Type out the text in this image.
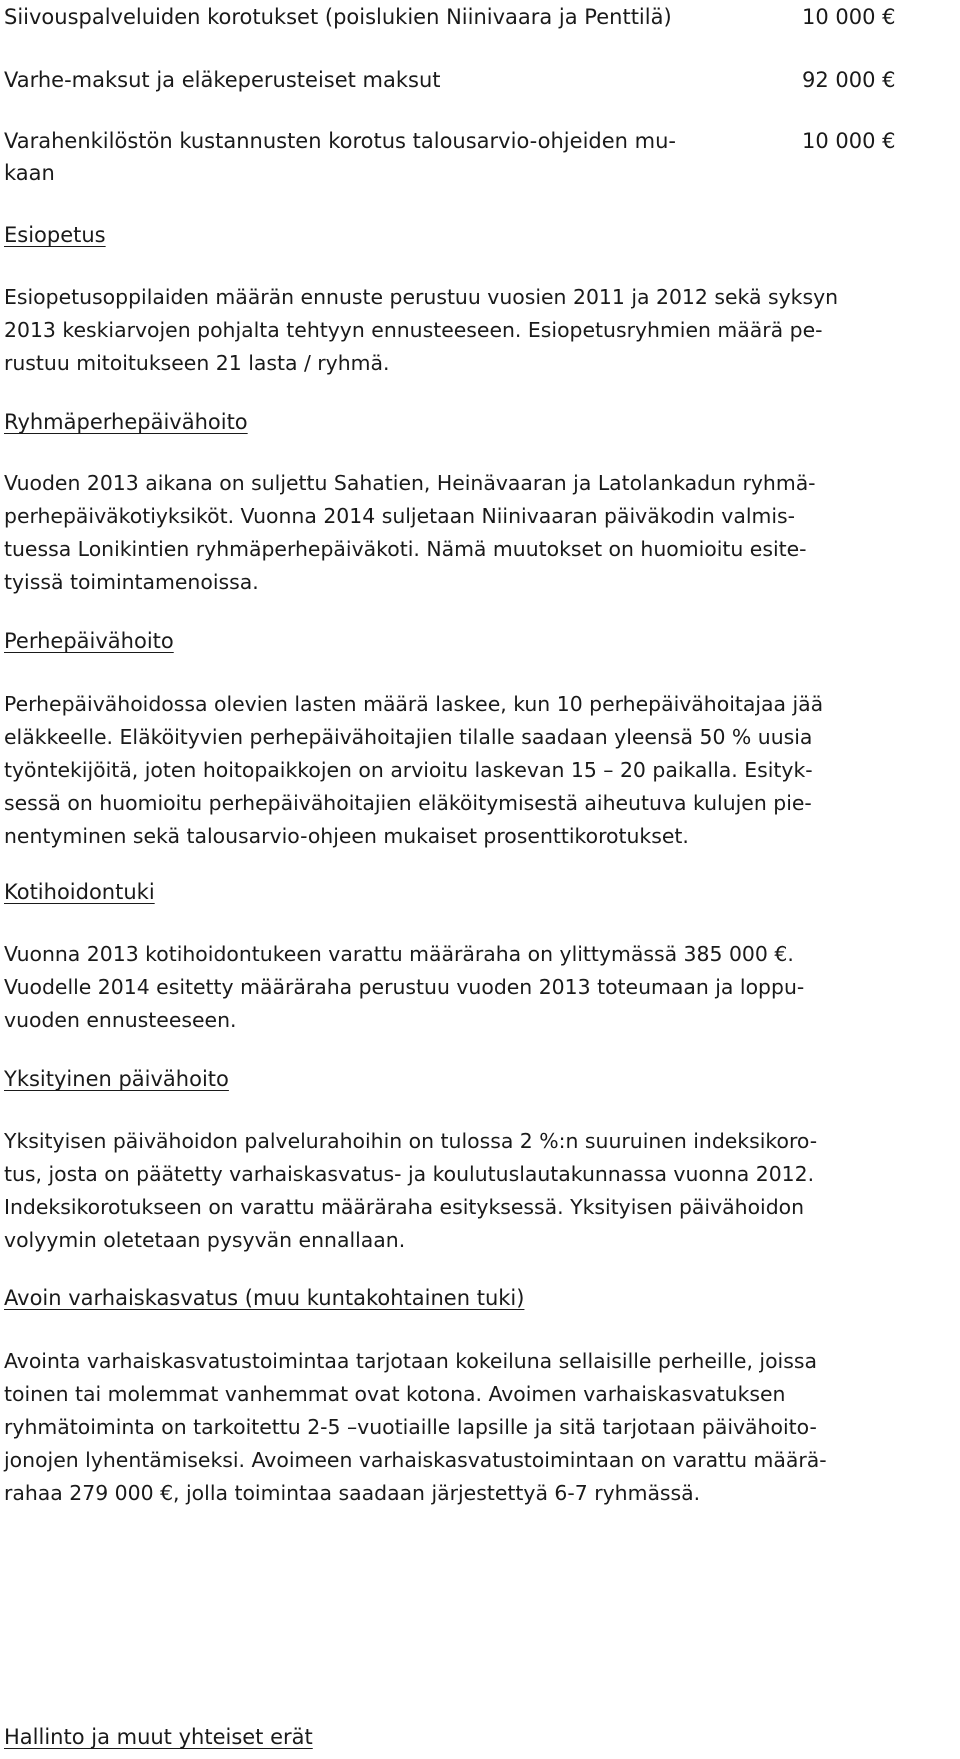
Siivouspalveluiden korotukset (poislukien Niinivaara ja Penttilä)	10 000 €
Varhe-maksut ja eläkeperusteiset maksut	92 000 €
Varahenkilöstön kustannusten korotus talousarvio-ohjeiden mu-
kaan
10 000 €
Esiopetus
Esiopetusoppilaiden määrän ennuste perustuu vuosien 2011 ja 2012 sekä syksyn
2013 keskiarvojen pohjalta tehtyyn ennusteeseen. Esiopetusryhmien määrä pe-
rustuu mitoitukseen 21 lasta / ryhmä.
Ryhmäperhepäivähoito
Vuoden 2013 aikana on suljettu Sahatien, Heinävaaran ja Latolankadun ryhmä-
perhepäiväkotiyksiköt. Vuonna 2014 suljetaan Niinivaaran päiväkodin valmis-
tuessa Lonikintien ryhmäperhepäiväkoti. Nämä muutokset on huomioitu esite-
tyissä toimintamenoissa.
Perhepäivähoito
Perhepäivähoidossa olevien lasten määrä laskee, kun 10 perhepäivähoitajaa jää
eläkkeelle. Eläköityvien perhepäivähoitajien tilalle saadaan yleensä 50 % uusia
työntekijöitä, joten hoitopaikkojen on arvioitu laskevan 15 – 20 paikalla. Esityk-
sessä on huomioitu perhepäivähoitajien eläköitymisestä aiheutuva kulujen pie-
nentyminen sekä talousarvio-ohjeen mukaiset prosenttikorotukset.
Kotihoidontuki
Vuonna 2013 kotihoidontukeen varattu määräraha on ylittymässä 385 000 €.
Vuodelle 2014 esitetty määräraha perustuu vuoden 2013 toteumaan ja loppu-
vuoden ennusteeseen.
Yksityinen päivähoito
Yksityisen päivähoidon palvelurahoihin on tulossa 2 %:n suuruinen indeksikoro-
tus, josta on päätetty varhaiskasvatus- ja koulutuslautakunnassa vuonna 2012.
Indeksikorotukseen on varattu määräraha esityksessä. Yksityisen päivähoidon
volyymin oletetaan pysyvän ennallaan.
Avoin varhaiskasvatus (muu kuntakohtainen tuki)
Avointa varhaiskasvatustoimintaa tarjotaan kokeiluna sellaisille perheille, joissa
toinen tai molemmat vanhemmat ovat kotona. Avoimen varhaiskasvatuksen
ryhmätoiminta on tarkoitettu 2-5 –vuotiaille lapsille ja sitä tarjotaan päivähoito-
jonojen lyhentämiseksi. Avoimeen varhaiskasvatustoimintaan on varattu määrä-
rahaa 279 000 €, jolla toimintaa saadaan järjestettyä 6-7 ryhmässä.
Hallinto ja muut yhteiset erät
